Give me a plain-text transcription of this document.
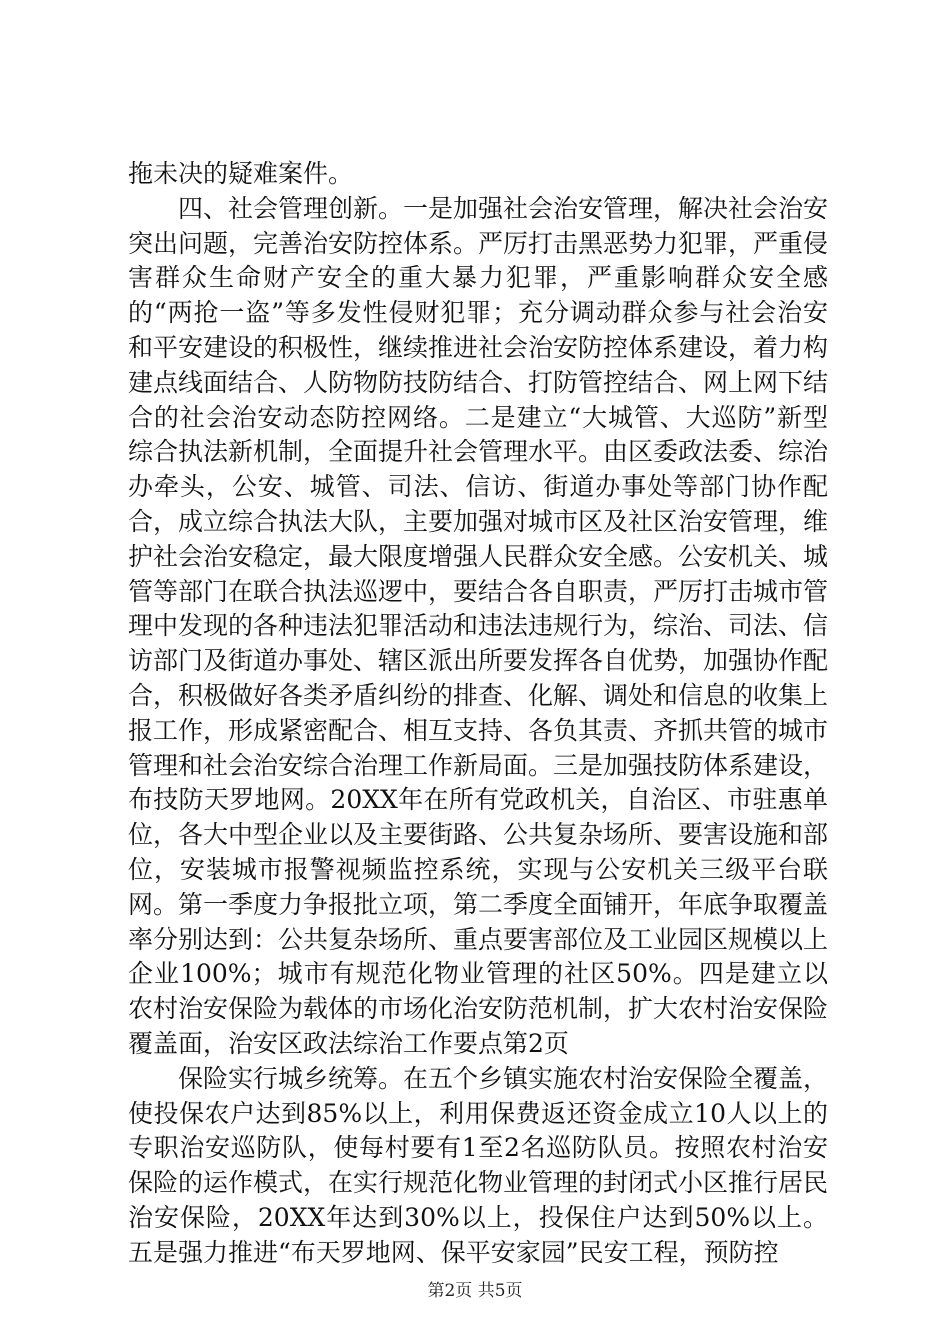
拖未决的疑难案件。

四、社会管理创新。一是加强社会治安管理，解决社会治安突出问题，完善治安防控体系。严厉打击黑恶势力犯罪，严重侵害群众生命财产安全的重大暴力犯罪，严重影响群众安全感的“两抢一盗”等多发性侵财犯罪；充分调动群众参与社会治安和平安建设的积极性，继续推进社会治安防控体系建设，着力构建点线面结合、人防物防技防结合、打防管控结合、网上网下结合的社会治安动态防控网络。二是建立“大城管、大巡防”新型综合执法新机制，全面提升社会管理水平。由区委政法委、综治办牵头，公安、城管、司法、信访、街道办事处等部门协作配合，成立综合执法大队，主要加强对城市区及社区治安管理，维护社会治安稳定，最大限度增强人民群众安全感。公安机关、城管等部门在联合执法巡逻中，要结合各自职责，严厉打击城市管理中发现的各种违法犯罪活动和违法违规行为，综治、司法、信访部门及街道办事处、辖区派出所要发挥各自优势，加强协作配合，积极做好各类矛盾纠纷的排查、化解、调处和信息的收集上报工作，形成紧密配合、相互支持、各负其责、齐抓共管的城市管理和社会治安综合治理工作新局面。三是加强技防体系建设，布技防天罗地网。20XX年在所有党政机关，自治区、市驻惠单位，各大中型企业以及主要街路、公共复杂场所、要害设施和部位，安装城市报警视频监控系统，实现与公安机关三级平台联网。第一季度力争报批立项，第二季度全面铺开，年底争取覆盖率分别达到：公共复杂场所、重点要害部位及工业园区规模以上企业100%；城市有规范化物业管理的社区50%。四是建立以农村治安保险为载体的市场化治安防范机制，扩大农村治安保险覆盖面，治安区政法综治工作要点第2页

保险实行城乡统筹。在五个乡镇实施农村治安保险全覆盖，使投保农户达到85%以上，利用保费返还资金成立10人以上的专职治安巡防队，使每村要有1至2名巡防队员。按照农村治安保险的运作模式，在实行规范化物业管理的封闭式小区推行居民治安保险，20XX年达到30%以上，投保住户达到50%以上。五是强力推进“布天罗地网、保平安家园”民安工程，预防控

第2页 共5页
